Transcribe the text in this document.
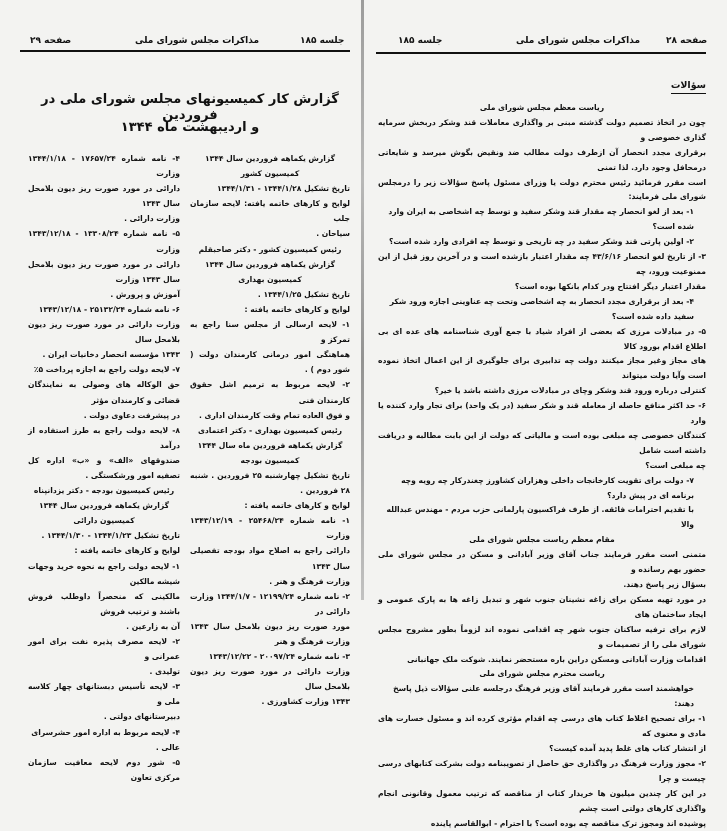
صفحه ۲۹	مذاکرات مجلس شورای ملی	جلسه ۱۸۵
گزارش کار کمیسیونهای مجلس شورای ملی در فروردین
و اردیبهشت ماه ۱۳۴۴
گزارش یکماهه فروردین سال ۱۳۴۴
کمیسیون کشور
تاریخ تشکیل ۱۳۴۴/۱/۲۸ - ۱۳۴۴/۱/۳۱
لوایح و کارهای خاتمه یافته: لایحه سازمان جلب
سیاحان .
رئیس کمیسیون کشور - دکتر صاحبقلم
گزارش یکماهه فروردین سال ۱۳۴۴
کمیسیون بهداری
تاریخ تشکیل ۱۳۴۴/۱/۲۵ .
لوایح و کارهای خاتمه یافته :
۱- لایحه ارسالی از مجلس سنا راجع به تمرکز و
هماهنگی امور درمانی کارمندان دولت ( شور دوم ) .
۲- لایحه مربوط به ترمیم اشل حقوق کارمندان فنی
و فوق العاده تمام وقت کارمندان اداری .
رئیس کمیسیون بهداری - دکتر اعتمادی
گزارش یکماهه فروردین ماه سال ۱۳۴۴
کمیسیون بودجه
تاریخ تشکیل چهارشنبه ۲۵ فروردین . شنبه ۲۸ فروردین .
لوایح و کارهای خاتمه یافته :
۱- نامه شماره ۲۵۴۶۸/۲۴ - ۱۳۴۳/۱۲/۱۹ وزارت
دارائی راجع به اصلاح مواد بودجه تفصیلی سال ۱۳۴۳
وزارت فرهنگ و هنر .
۲- نامه شماره ۱۲۱۹۹/۲۴ - ۱۳۴۴/۱/۷ وزارت دارائی در
مورد صورت ریز دیون بلامحل سال ۱۳۴۳ وزارت فرهنگ و هنر
۳- نامه شماره ۲۰۰۹۷/۲۴ - ۱۳۴۳/۱۲/۲۲
وزارت دارائی در مورد صورت ریز دیون بلامحل سال
۱۳۴۳ وزارت کشاورزی .
۴- نامه شماره ۱۷۶۵۷/۲۴ - ۱۳۴۴/۱/۱۸ وزارت
دارائی در مورد صورت ریز دیون بلامحل سال ۱۳۴۳
وزارت دارائی .
۵- نامه شماره ۱۳۳۰۸/۲۴ - ۱۳۴۳/۱۲/۱۸ وزارت
دارائی در مورد صورت ریز دیون بلامحل سال ۱۳۴۳ وزارت
آموزش و پرورش .
۶- نامه شماره ۲۵۱۳۲/۲۴ - ۱۳۴۳/۱۲/۱۸
وزارت دارائی در مورد صورت ریز دیون بلامحل سال
۱۳۴۳ مؤسسه انحصار دخانیات ایران .
۷- لایحه دولت راجع به اجازه پرداخت ۵٪
حق الوکاله های وصولی به نمایندگان قضائی و کارمندان مؤثر
در پیشرفت دعاوی دولت .
۸- لایحه دولت راجع به طرز استفاده از درآمد
صندوقهای «الف» و «ب» اداره کل تصفیه امور ورشکستگی .
رئیس کمیسیون بودجه - دکتر یزدانپناه
گزارش یکماهه فروردین سال ۱۳۴۴
کمیسیون دارائی
تاریخ تشکیل ۱۳۴۴/۱/۲۳ - ۱۳۴۴/۱/۳۰ .
لوایح و کارهای خاتمه یافته :
۱- لایحه دولت راجع به نحوه خرید وجهات شیشه مالکین
مالکینی که منحصراً داوطلب فروش باشند و ترتیب فروش
آن به زارعین .
۲- لایحه مصرف پذیره نفت برای امور عمرانی و
تولیدی .
۳- لایحه تأسیس دبستانهای چهار کلاسه ملی و
دبیرستانهای دولتی .
۴- لایحه مربوط به اداره امور حشرسرای عالی .
۵- شور دوم لایحه معافیت سازمان مرکزی تعاون
جلسه ۱۸۵	مذاکرات مجلس شورای ملی	صفحه ۲۸
سؤالات
ریاست معظم مجلس شورای ملی
چون در اتخاذ تصمیم دولت گذشته مبنی بر واگذاری معاملات قند وشکر دربخش سرمایه گذاری خصوصی و
برقراری مجدد انحصار آن ازطرف دولت مطالب ضد ونقیض بگوش میرسد و شایعاتی درمحافل وجود دارد. لذا تمنی
است مقرر فرمائید رئیس محترم دولت یا وزرای مسئول پاسخ سؤالات زیر را درمجلس شورای ملی فرمایند:
۱- بعد از لغو انحصار چه مقدار قند وشکر سفید و توسط چه اشخاصی به ایران وارد شده است؟
۲- اولین پارتی قند وشکر سفید در چه تاریخی و توسط چه افرادی وارد شده است؟
۳- از تاریخ لغو انحصار ۴۳/۶/۱۶ چه مقدار اعتبار بازشده است و در آخرین روز قبل از این ممنوعیت ورود، چه
مقدار اعتبار دیگر افتتاح ودر کدام بانکها بوده است؟
۴- بعد از برقراری مجدد انحصار به چه اشخاصی وتحت چه عناوینی اجازه ورود شکر سفید داده شده است؟
۵- در مبادلات مرزی که بعضی از افراد شیاد با جمع آوری شناسنامه های عده ای بی اطلاع اقدام بورود کالا
های مجاز وغیر مجاز میکنند دولت چه تدابیری برای جلوگیری از این اعمال اتخاذ نموده است وآیا دولت میتواند
کنترلی درباره ورود قند وشکر وچای در مبادلات مرزی داشته باشد یا خیر؟
۶- حد اکثر منافع حاصله از معامله قند و شکر سفید (در یک واحد) برای تجار وارد کننده یا وارد
کنندگان خصوصی چه مبلغی بوده است و مالیاتی که دولت از این بابت مطالبه و دریافت داشته است شامل
چه مبلغی است؟
۷- دولت برای تقویت کارخانجات داخلی وهزاران کشاورز چغندرکار چه رویه وچه برنامه ای در پیش دارد؟
با تقدیم احترامات فائقه. از طرف فراکسیون پارلمانی حزب مردم - مهندس عبدالله والا
مقام معظم ریاست مجلس شورای ملی
متمنی است مقرر فرمایند جناب آقای وزیر آبادانی و مسکن در مجلس شورای ملی حضور بهم رسانده و
بسؤال زیر پاسخ دهند.
در مورد تهیه مسکن برای زاغه نشینان جنوب شهر و تبدیل زاغه ها به پارک عمومی و ایجاد ساختمان های
لازم برای ترفیه ساکنان جنوب شهر چه اقدامی نموده اند لزوماً بطور مشروح مجلس شورای ملی را از تصمیمات و
اقدامات وزارت آبادانی ومسکن دراین باره مستحضر نمایند. شوکت ملک جهانبانی
ریاست محترم مجلس شورای ملی
خواهشمند است مقرر فرمایند آقای وزیر فرهنگ درجلسه علنی سؤالات ذیل پاسخ دهند:
۱- برای تصحیح اغلاط کتاب های درسی چه اقدام مؤثری کرده اند و مسئول خسارت های مادی و معنوی که
از انتشار کتاب های غلط پدید آمده کیست؟
۲- مجوز وزارت فرهنگ در واگذاری حق حاصل از تصویبنامه دولت بشرکت کتابهای درسی چیست و چرا
در این کار چندین میلیون ها خریدار کتاب از مناقصه که ترتیب معمول وقانونی انجام واگذاری کارهای دولتی است چشم
پوشیده اند ومجوز ترک مناقصه چه بوده است؟ با احترام - ابوالقاسم پاینده
